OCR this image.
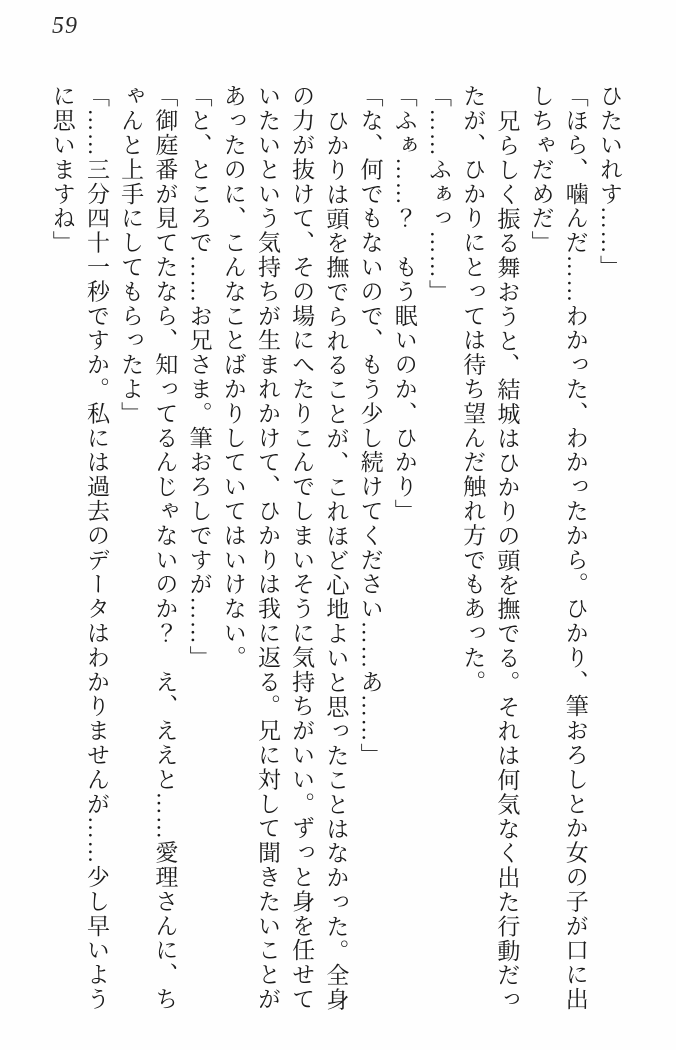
59
ひたいれす……」
「ほら、噛んだ……わかった、わかったから。ひかり、筆おろしとか女の子が口に出
しちゃだめだ」
兄らしく振る舞おうと、結城はひかりの頭を撫でる。それは何気なく出た行動だっ
たが、ひかりにとっては待ち望んだ触れ方でもあった。
「……ふぁっ……」
「ふぁ……？　もう眠いのか、ひかり」
「な、何でもないので、もう少し続けてください……あ……」
ひかりは頭を撫でられることが、これほど心地よいと思ったことはなかった。全身
の力が抜けて、その場にへたりこんでしまいそうに気持ちがいい。ずっと身を任せて
いたいという気持ちが生まれかけて、ひかりは我に返る。兄に対して聞きたいことが
あったのに、こんなことばかりしていてはいけない。
「と、ところで……お兄さま。筆おろしですが……」
「御庭番が見てたなら、知ってるんじゃないのか？　え、ええと……愛理さんに、ち
ゃんと上手にしてもらったよ」
「……三分四十一秒ですか。私には過去のデータはわかりませんが……少し早いよう
に思いますね」
